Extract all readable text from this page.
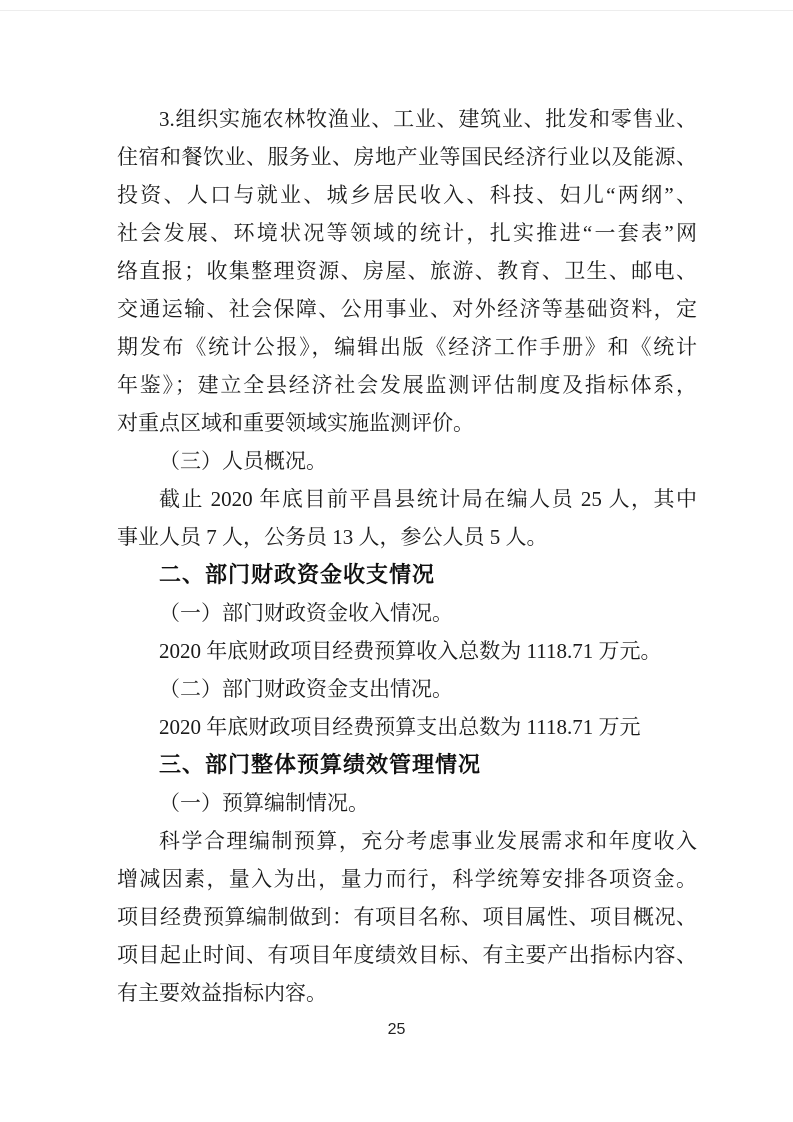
3.组织实施农林牧渔业、工业、建筑业、批发和零售业、
住宿和餐饮业、服务业、房地产业等国民经济行业以及能源、
投资、人口与就业、城乡居民收入、科技、妇儿“两纲”、
社会发展、环境状况等领域的统计，扎实推进“一套表”网
络直报；收集整理资源、房屋、旅游、教育、卫生、邮电、
交通运输、社会保障、公用事业、对外经济等基础资料，定
期发布《统计公报》，编辑出版《经济工作手册》和《统计
年鉴》；建立全县经济社会发展监测评估制度及指标体系，
对重点区域和重要领域实施监测评价。
（三）人员概况。
截止 2020 年底目前平昌县统计局在编人员 25 人，其中
事业人员 7 人，公务员 13 人，参公人员 5 人。
二、部门财政资金收支情况
（一）部门财政资金收入情况。
2020 年底财政项目经费预算收入总数为 1118.71 万元。
（二）部门财政资金支出情况。
2020 年底财政项目经费预算支出总数为 1118.71 万元
三、部门整体预算绩效管理情况
（一）预算编制情况。
科学合理编制预算，充分考虑事业发展需求和年度收入
增减因素，量入为出，量力而行，科学统筹安排各项资金。
项目经费预算编制做到：有项目名称、项目属性、项目概况、
项目起止时间、有项目年度绩效目标、有主要产出指标内容、
有主要效益指标内容。
25
